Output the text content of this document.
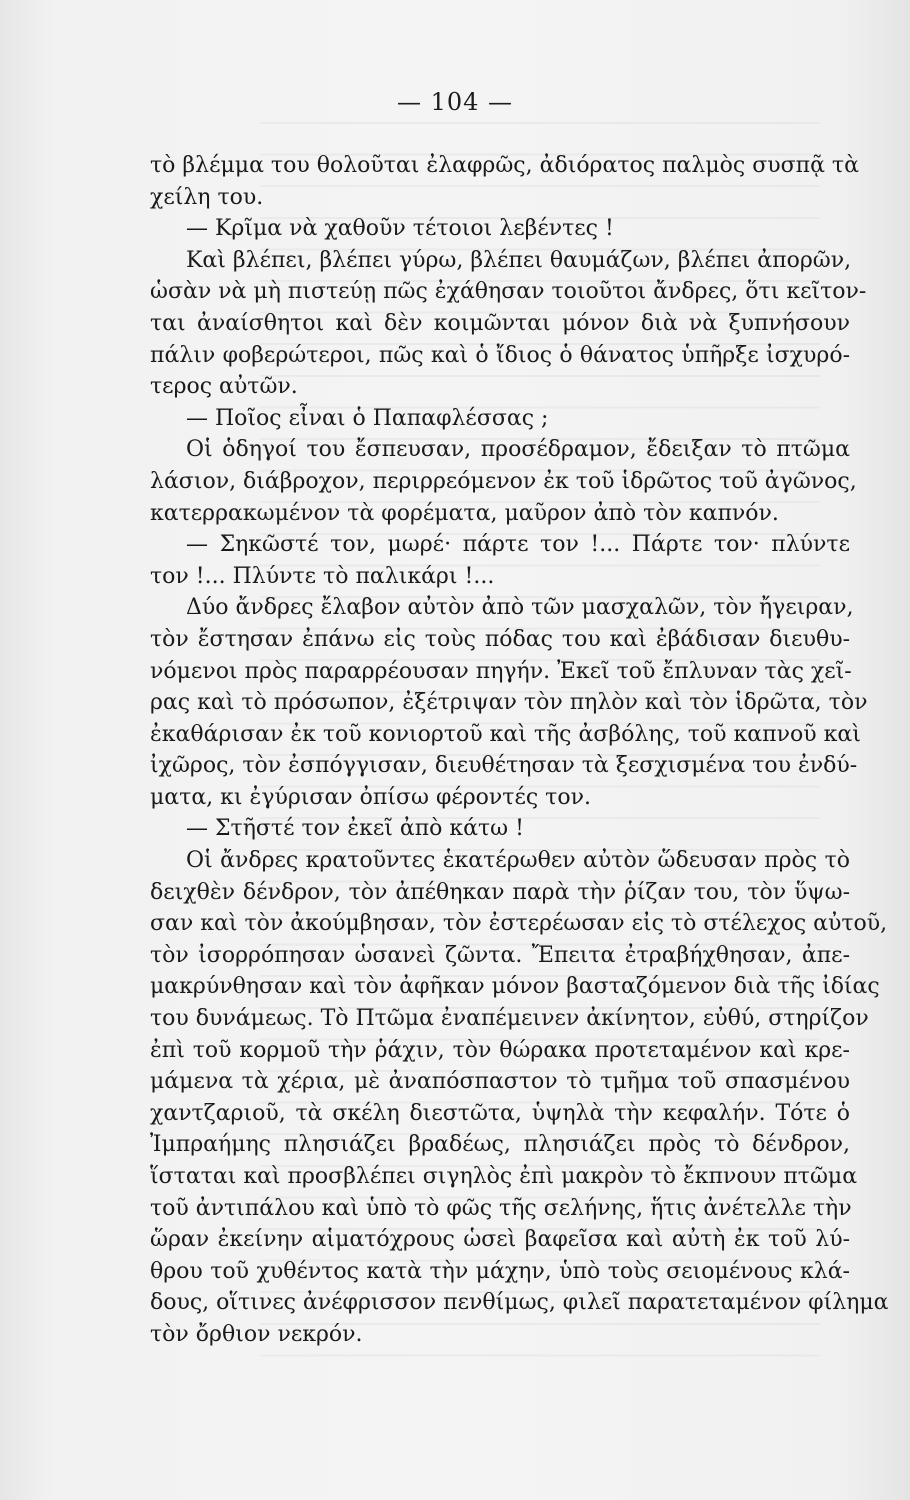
— 104 —
τὸ βλέμμα του θολοῦται ἐλαφρῶς, ἀδιόρατος παλμὸς συσπᾷ τὰ
χείλη του.
— Κρῖμα νὰ χαθοῦν τέτοιοι λεβέντες !
Καὶ βλέπει, βλέπει γύρω, βλέπει θαυμάζων, βλέπει ἀπορῶν,
ὡσὰν νὰ μὴ πιστεύῃ πῶς ἐχάθησαν τοιοῦτοι ἄνδρες, ὅτι κεῖτον-
ται ἀναίσθητοι καὶ δὲν κοιμῶνται μόνον διὰ νὰ ξυπνήσουν
πάλιν φοβερώτεροι, πῶς καὶ ὁ ἴδιος ὁ θάνατος ὑπῆρξε ἰσχυρό-
τερος αὐτῶν.
— Ποῖος εἶναι ὁ Παπαφλέσσας ;
Οἱ ὁδηγοί του ἔσπευσαν, προσέδραμον, ἔδειξαν τὸ πτῶμα
λάσιον, διάβροχον, περιρρεόμενον ἐκ τοῦ ἱδρῶτος τοῦ ἀγῶνος,
κατερρακωμένον τὰ φορέματα, μαῦρον ἀπὸ τὸν καπνόν.
— Σηκῶστέ τον, μωρέ· πάρτε τον !... Πάρτε τον· πλύντε
τον !... Πλύντε τὸ παλικάρι !...
Δύο ἄνδρες ἔλαβον αὐτὸν ἀπὸ τῶν μασχαλῶν, τὸν ἤγειραν,
τὸν ἔστησαν ἐπάνω εἰς τοὺς πόδας του καὶ ἐβάδισαν διευθυ-
νόμενοι πρὸς παραρρέουσαν πηγήν. Ἐκεῖ τοῦ ἔπλυναν τὰς χεῖ-
ρας καὶ τὸ πρόσωπον, ἐξέτριψαν τὸν πηλὸν καὶ τὸν ἱδρῶτα, τὸν
ἐκαθάρισαν ἐκ τοῦ κονιορτοῦ καὶ τῆς ἀσβόλης, τοῦ καπνοῦ καὶ
ἰχῶρος, τὸν ἐσπόγγισαν, διευθέτησαν τὰ ξεσχισμένα του ἐνδύ-
ματα, κι ἐγύρισαν ὀπίσω φέροντές τον.
— Στῆστέ τον ἐκεῖ ἀπὸ κάτω !
Οἱ ἄνδρες κρατοῦντες ἑκατέρωθεν αὐτὸν ὥδευσαν πρὸς τὸ
δειχθὲν δένδρον, τὸν ἀπέθηκαν παρὰ τὴν ῥίζαν του, τὸν ὕψω-
σαν καὶ τὸν ἀκούμβησαν, τὸν ἐστερέωσαν εἰς τὸ στέλεχος αὐτοῦ,
τὸν ἰσορρόπησαν ὡσανεὶ ζῶντα. Ἔπειτα ἐτραβήχθησαν, ἀπε-
μακρύνθησαν καὶ τὸν ἀφῆκαν μόνον βασταζόμενον διὰ τῆς ἰδίας
του δυνάμεως. Τὸ Πτῶμα ἐναπέμεινεν ἀκίνητον, εὐθύ, στηρίζον
ἐπὶ τοῦ κορμοῦ τὴν ῥάχιν, τὸν θώρακα προτεταμένον καὶ κρε-
μάμενα τὰ χέρια, μὲ ἀναπόσπαστον τὸ τμῆμα τοῦ σπασμένου
χαντζαριοῦ, τὰ σκέλη διεστῶτα, ὑψηλὰ τὴν κεφαλήν. Τότε ὁ
Ἰμπραήμης πλησιάζει βραδέως, πλησιάζει πρὸς τὸ δένδρον,
ἵσταται καὶ προσβλέπει σιγηλὸς ἐπὶ μακρὸν τὸ ἔκπνουν πτῶμα
τοῦ ἀντιπάλου καὶ ὑπὸ τὸ φῶς τῆς σελήνης, ἥτις ἀνέτελλε τὴν
ὥραν ἐκείνην αἱματόχρους ὡσεὶ βαφεῖσα καὶ αὐτὴ ἐκ τοῦ λύ-
θρου τοῦ χυθέντος κατὰ τὴν μάχην, ὑπὸ τοὺς σειομένους κλά-
δους, οἵτινες ἀνέφρισσον πενθίμως, φιλεῖ παρατεταμένον φίλημα
τὸν ὄρθιον νεκρόν.
